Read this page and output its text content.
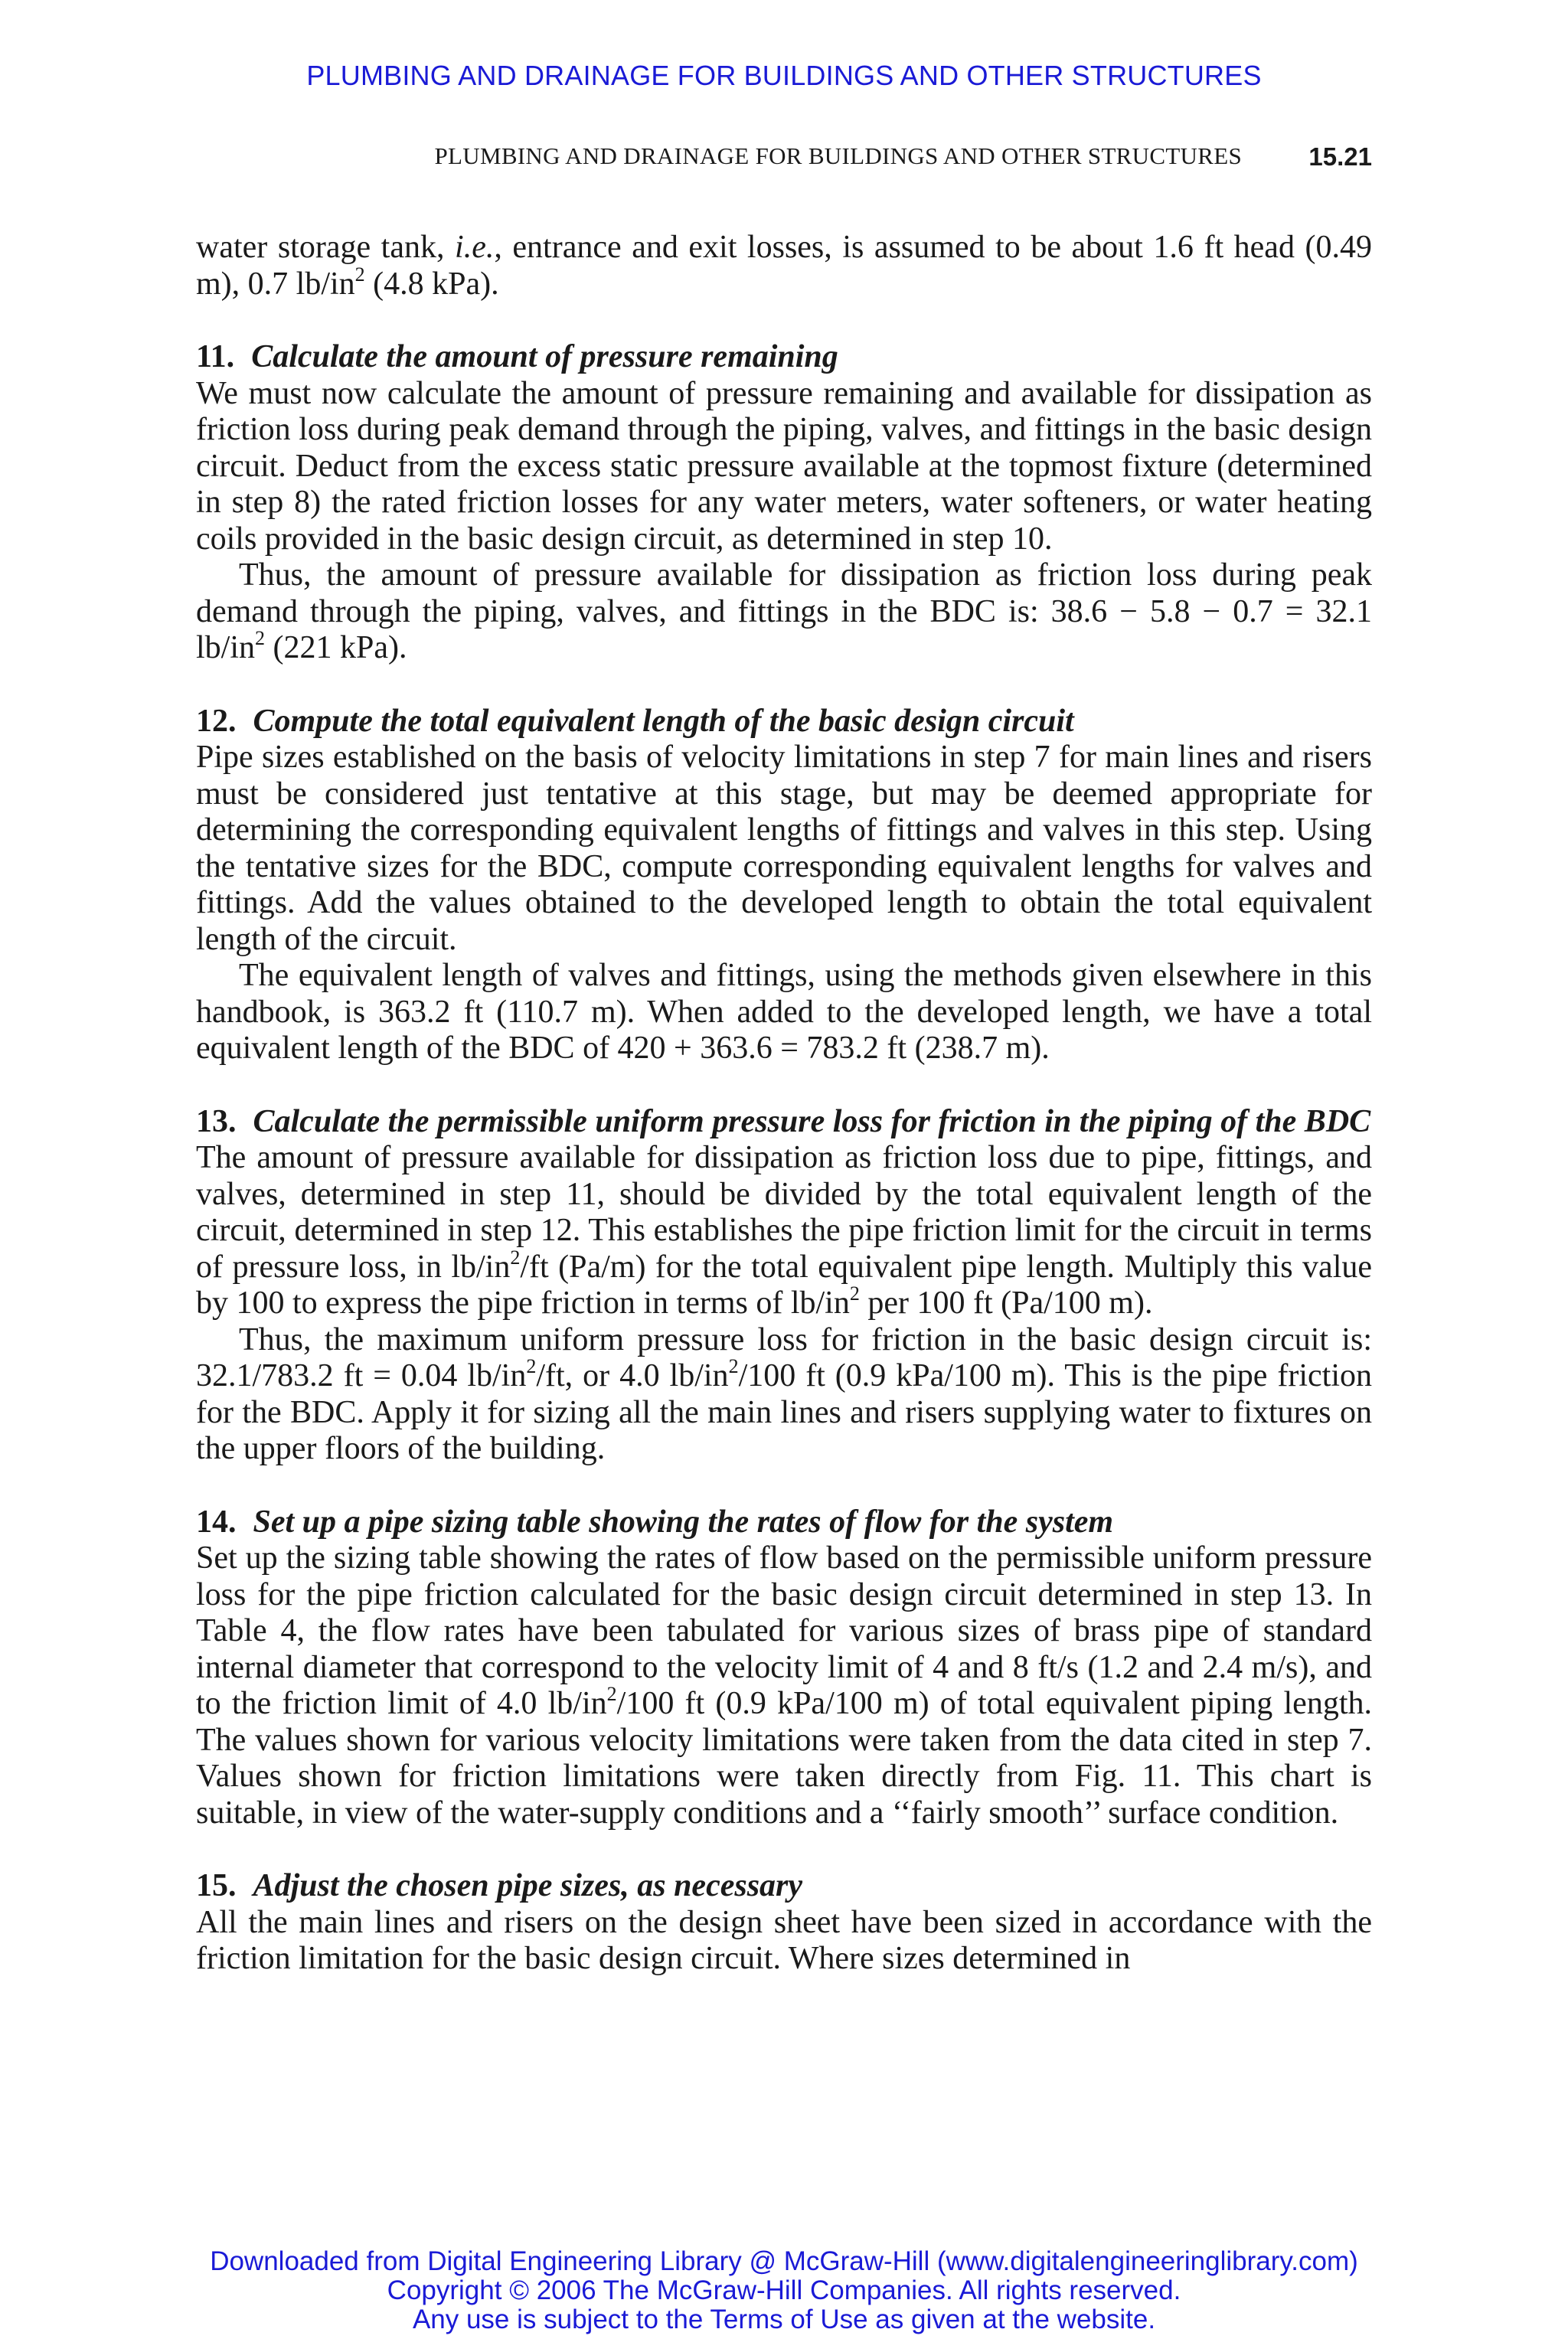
PLUMBING AND DRAINAGE FOR BUILDINGS AND OTHER STRUCTURES
PLUMBING AND DRAINAGE FOR BUILDINGS AND OTHER STRUCTURES	15.21

water storage tank, i.e., entrance and exit losses, is assumed to be about 1.6 ft head (0.49 m), 0.7 $lb/in^2$ (4.8 kPa).

11. Calculate the amount of pressure remaining

We must now calculate the amount of pressure remaining and available for dissipation as friction loss during peak demand through the piping, valves, and fittings in the basic design circuit. Deduct from the excess static pressure available at the topmost fixture (determined in step 8) the rated friction losses for any water meters, water softeners, or water heating coils provided in the basic design circuit, as determined in step 10.

Thus, the amount of pressure available for dissipation as friction loss during peak demand through the piping, valves, and fittings in the BDC is: 38.6 − 5.8 − 0.7 = 32.1 $lb/in^2$ (221 kPa).

12. Compute the total equivalent length of the basic design circuit

Pipe sizes established on the basis of velocity limitations in step 7 for main lines and risers must be considered just tentative at this stage, but may be deemed appropriate for determining the corresponding equivalent lengths of fittings and valves in this step. Using the tentative sizes for the BDC, compute corresponding equivalent lengths for valves and fittings. Add the values obtained to the developed length to obtain the total equivalent length of the circuit.

The equivalent length of valves and fittings, using the methods given elsewhere in this handbook, is 363.2 ft (110.7 m). When added to the developed length, we have a total equivalent length of the BDC of 420 + 363.6 = 783.2 ft (238.7 m).

13. Calculate the permissible uniform pressure loss for friction in the piping of the BDC

The amount of pressure available for dissipation as friction loss due to pipe, fittings, and valves, determined in step 11, should be divided by the total equivalent length of the circuit, determined in step 12. This establishes the pipe friction limit for the circuit in terms of pressure loss, in $lb/in^2/ft$ (Pa/m) for the total equivalent pipe length. Multiply this value by 100 to express the pipe friction in terms of $lb/in^2$ per 100 ft (Pa/100 m).

Thus, the maximum uniform pressure loss for friction in the basic design circuit is: 32.1/783.2 ft = 0.04 $lb/in^2/ft$, or 4.0 $lb/in^2/100$ ft (0.9 kPa/100 m). This is the pipe friction for the BDC. Apply it for sizing all the main lines and risers supplying water to fixtures on the upper floors of the building.

14. Set up a pipe sizing table showing the rates of flow for the system

Set up the sizing table showing the rates of flow based on the permissible uniform pressure loss for the pipe friction calculated for the basic design circuit determined in step 13. In Table 4, the flow rates have been tabulated for various sizes of brass pipe of standard internal diameter that correspond to the velocity limit of 4 and 8 ft/s (1.2 and 2.4 m/s), and to the friction limit of 4.0 $lb/in^2/100$ ft (0.9 kPa/100 m) of total equivalent piping length. The values shown for various velocity limitations were taken from the data cited in step 7. Values shown for friction limitations were taken directly from Fig. 11. This chart is suitable, in view of the water-supply conditions and a ‘‘fairly smooth’’ surface condition.

15. Adjust the chosen pipe sizes, as necessary

All the main lines and risers on the design sheet have been sized in accordance with the friction limitation for the basic design circuit. Where sizes determined in

Downloaded from Digital Engineering Library @ McGraw-Hill (www.digitalengineeringlibrary.com)
Copyright © 2006 The McGraw-Hill Companies. All rights reserved.
Any use is subject to the Terms of Use as given at the website.
